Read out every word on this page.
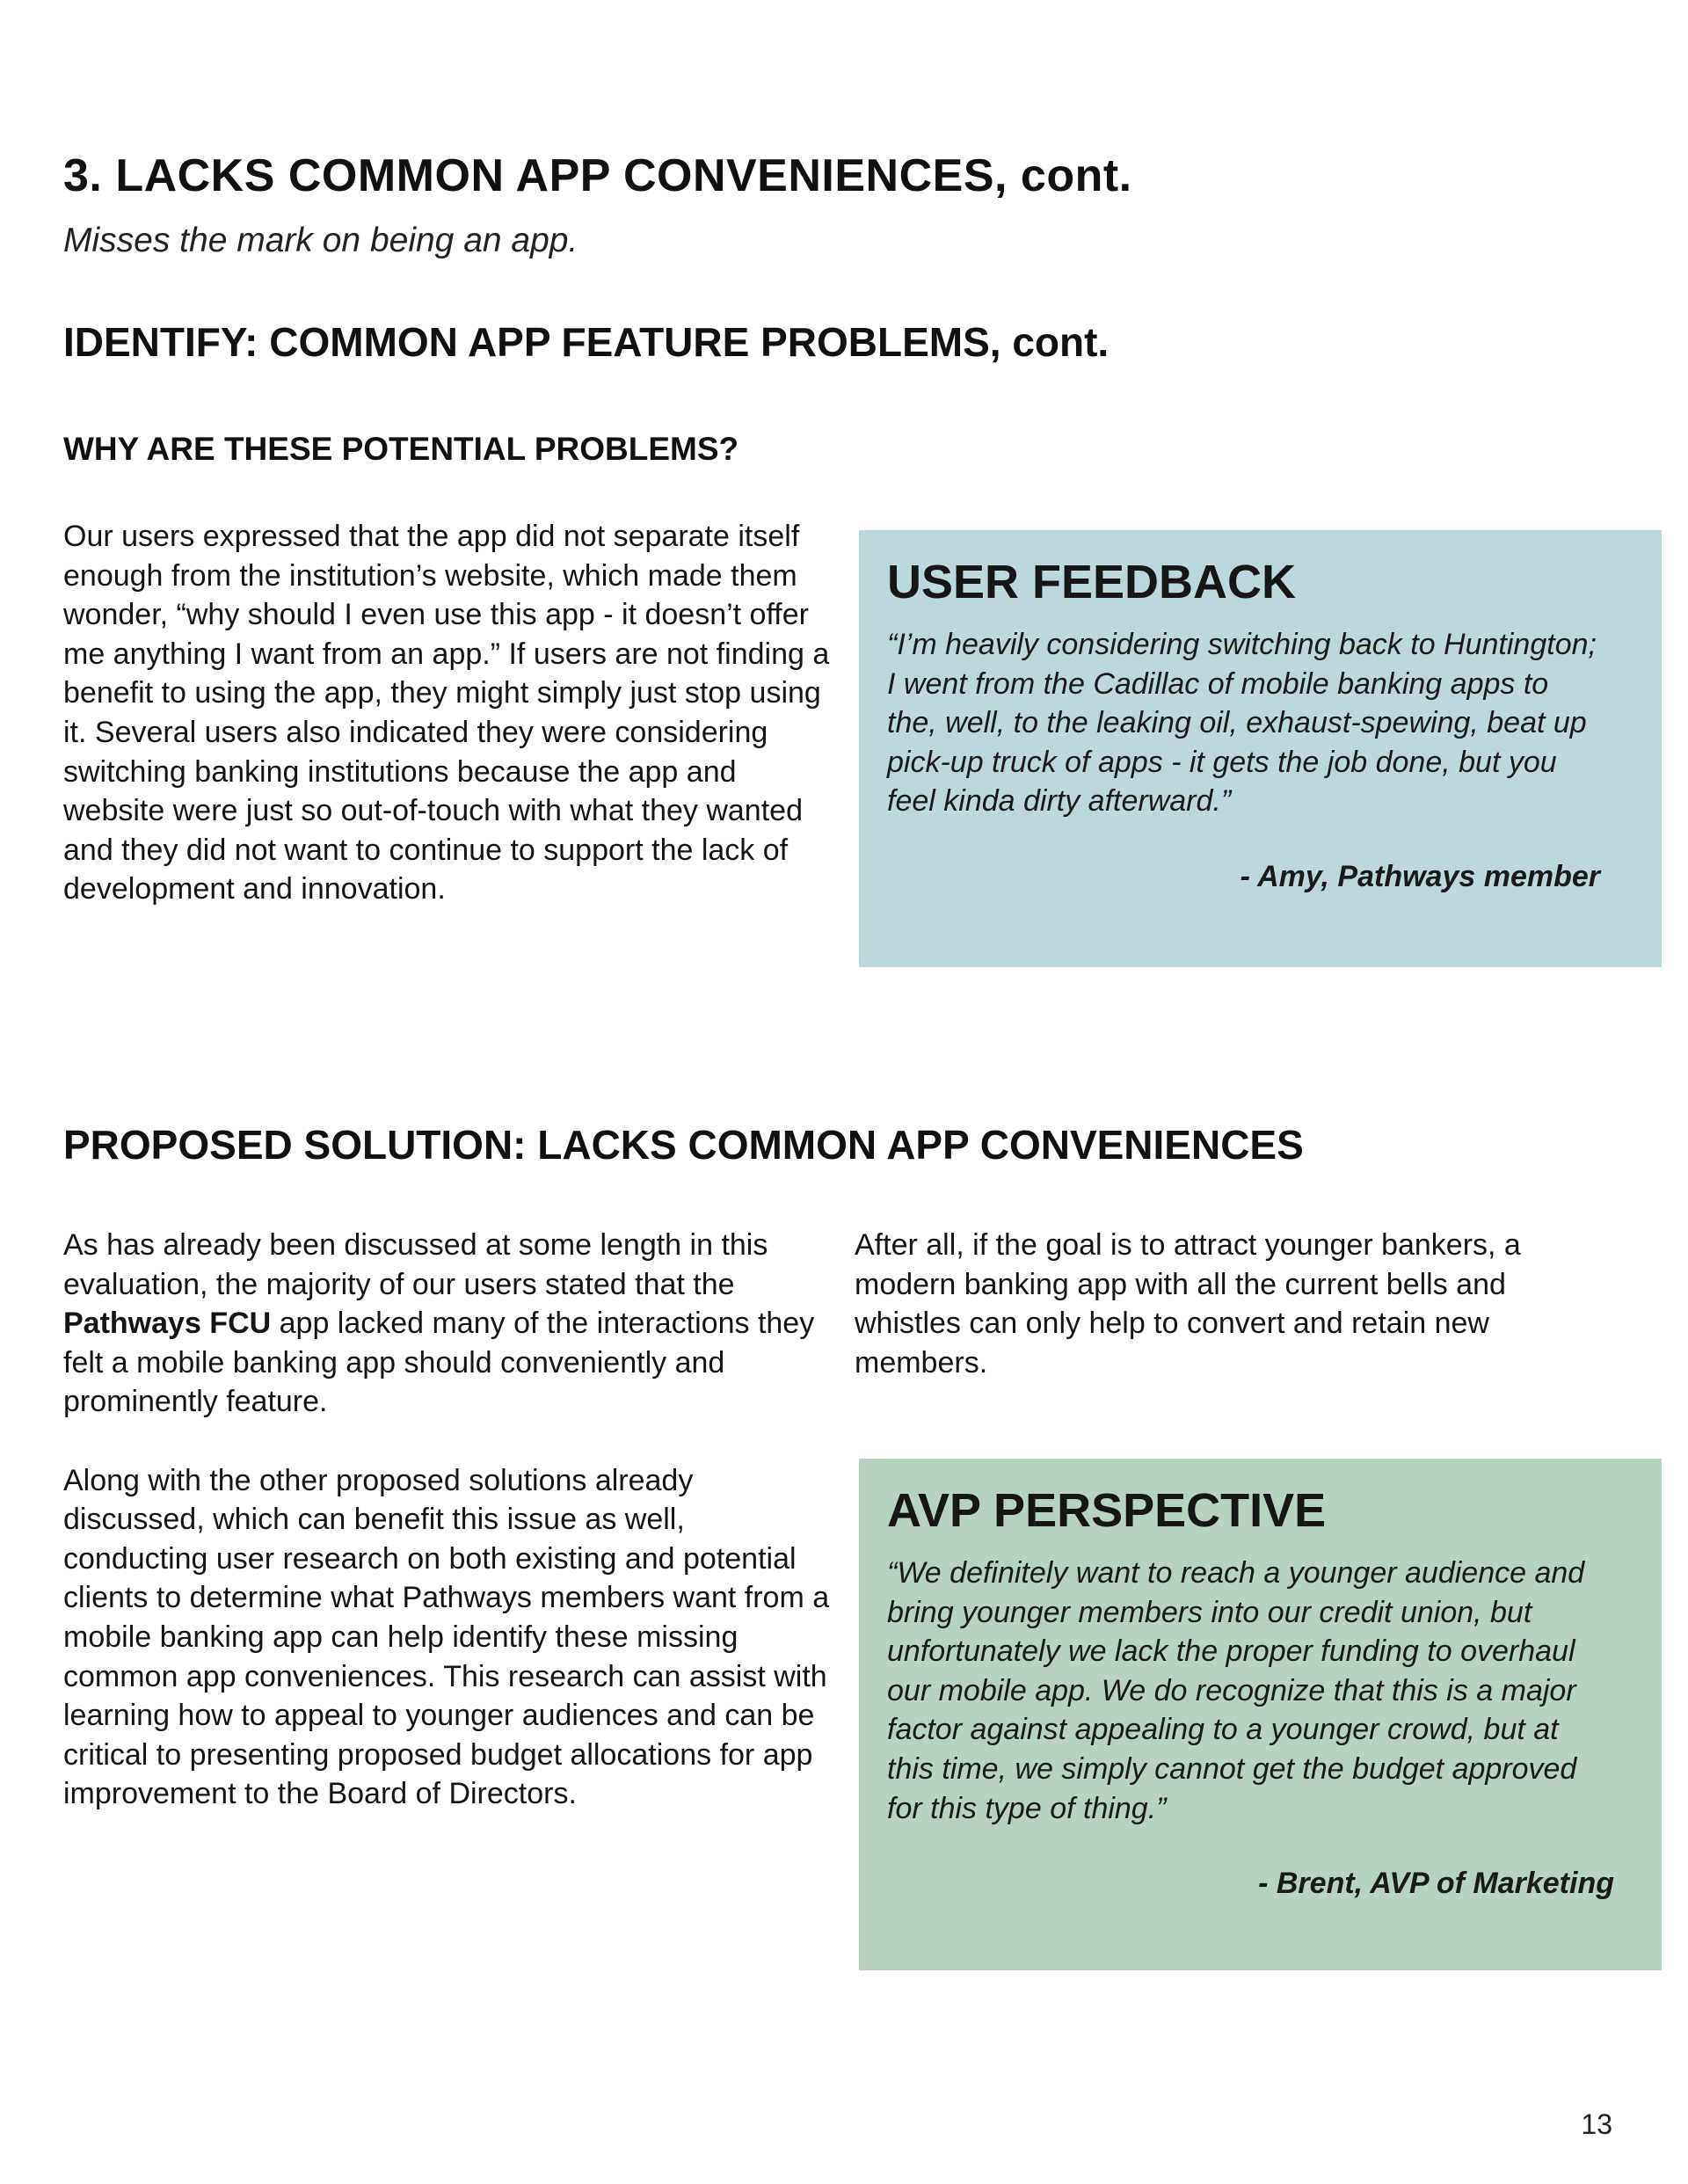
3. LACKS COMMON APP CONVENIENCES, cont.
Misses the mark on being an app.
IDENTIFY: COMMON APP FEATURE PROBLEMS, cont.
WHY ARE THESE POTENTIAL PROBLEMS?

Our users expressed that the app did not separate itself enough from the institution’s website, which made them wonder, “why should I even use this app - it doesn’t offer me anything I want from an app.” If users are not finding a benefit to using the app, they might simply just stop using it. Several users also indicated they were considering switching banking institutions because the app and website were just so out-of-touch with what they wanted and they did not want to continue to support the lack of development and innovation.

USER FEEDBACK

“I’m heavily considering switching back to Huntington; I went from the Cadillac of mobile banking apps to the, well, to the leaking oil, exhaust-spewing, beat up pick-up truck of apps - it gets the job done, but you feel kinda dirty afterward.”

- Amy, Pathways member

PROPOSED SOLUTION: LACKS COMMON APP CONVENIENCES

As has already been discussed at some length in this evaluation, the majority of our users stated that the Pathways FCU app lacked many of the interactions they felt a mobile banking app should conveniently and prominently feature.

Along with the other proposed solutions already discussed, which can benefit this issue as well, conducting user research on both existing and potential clients to determine what Pathways members want from a mobile banking app can help identify these missing common app conveniences. This research can assist with learning how to appeal to younger audiences and can be critical to presenting proposed budget allocations for app improvement to the Board of Directors.

After all, if the goal is to attract younger bankers, a modern banking app with all the current bells and whistles can only help to convert and retain new members.

AVP PERSPECTIVE

“We definitely want to reach a younger audience and bring younger members into our credit union, but unfortunately we lack the proper funding to overhaul our mobile app. We do recognize that this is a major factor against appealing to a younger crowd, but at this time, we simply cannot get the budget approved for this type of thing.”

- Brent, AVP of Marketing

13
